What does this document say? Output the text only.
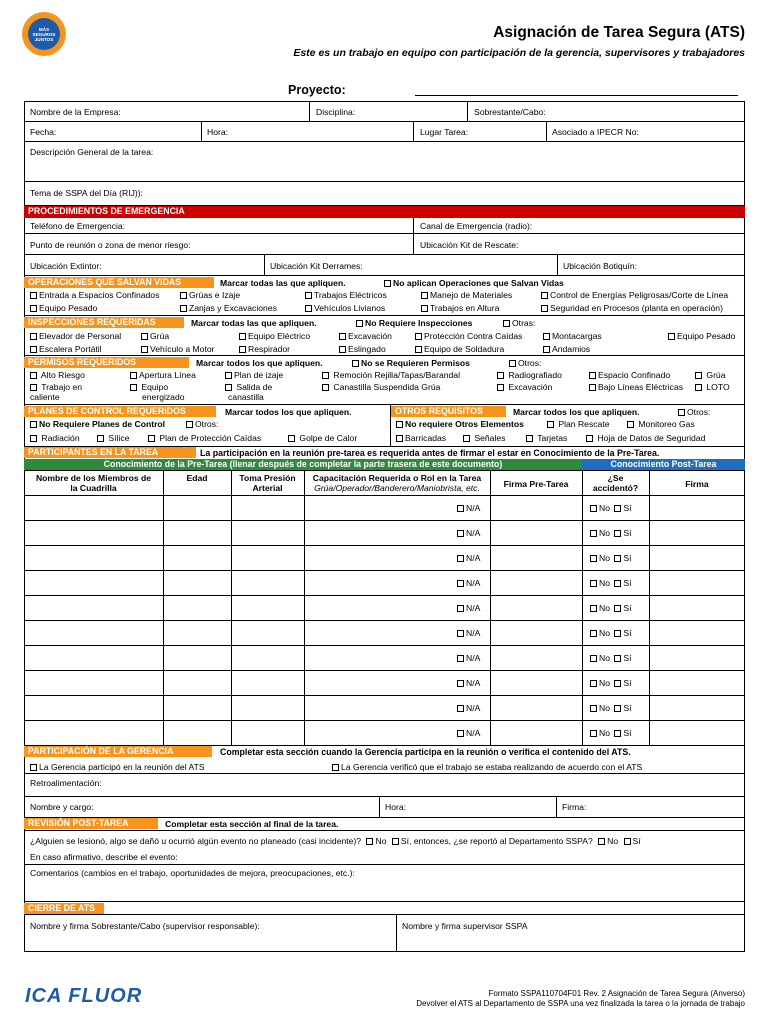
MÁS
SEGUROS
JUNTOS	Asignación de Tarea Segura (ATS)
Este es un trabajo en equipo con participación de la gerencia, supervisores y trabajadores
Proyecto:
Nombre de la Empresa:	Disciplina:	Sobrestante/Cabo:
Fecha:	Hora:	Lugar Tarea:	Asociado a IPECR No:
Descripción General de la tarea:
Tema de SSPA del Día (RIJ)):
PROCEDIMIENTOS DE EMERGENCIA
Teléfono de Emergencia:	Canal de Emergencia (radio):
Punto de reunión o zona de menor riesgo:	Ubicación Kit de Rescate:
Ubicación Extintor:	Ubicación Kit Derrames:	Ubicación Botiquín:
OPERACIONES QUE SALVAN VIDAS	Marcar todas las que apliquen.	No aplican Operaciones que Salvan Vidas
Entrada a Espacios Confinados	Grúas e Izaje	Trabajos Eléctricos	Manejo de Materiales	Control de Energías Peligrosas/Corte de Línea
Equipo Pesado	Zanjas y Excavaciones	Vehículos Livianos	Trabajos en Altura	Seguridad en Procesos (planta en operación)
INSPECCIONES REQUERIDAS	Marcar todas las que apliquen.	No Requiere Inspecciones	Otras:
Elevador de Personal	Grúa	Equipo Eléctrico	Excavación	Protección Contra Caídas	Montacargas	Equipo Pesado
Escalera Portátil	Vehículo a Motor	Respirador	Eslingado	Equipo de Soldadura	Andamios
PERMISOS REQUERIDOS	Marcar todos los que apliquen.	No se Requieren Permisos	Otros:
Alto Riesgo	Apertura Línea	Plan de izaje	Remoción Rejilla/Tapas/Barandal	Radiografiado	Espacio Confinado	Grúa
Trabajo en
caliente
Equipo
energizado
Salida de
canastilla
Canastilla Suspendida Grúa	Excavación	Bajo Líneas Eléctricas	LOTO
PLANES DE CONTROL REQUERIDOS	Marcar todos los que apliquen.
No Requiere Planes de Control	Otros:
Radiación	Sílice	Plan de Protección Caídas	Golpe de Calor
OTROS REQUISITOS	Marcar todos los que apliquen.	Otros:
No requiere Otros Elementos	Plan Rescate	Monitoreo Gas
Barricadas	Señales	Tarjetas	Hoja de Datos de Seguridad
PARTICIPANTES EN LA TAREA	La participación en la reunión pre-tarea es requerida antes de firmar el estar en Conocimiento de la Pre-Tarea.
Conocimiento de la Pre-Tarea (llenar después de completar la parte trasera de este documento)	Conocimiento Post-Tarea
Nombre de los Miembros de
la Cuadrilla
Edad	Toma Presión
Arterial
Capacitación Requerida o Rol en la Tarea
Grúa/Operador/Banderero/Maniobrista, etc.	Firma Pre-Tarea
¿Se
accidentó?	Firma
N/A	No Sí
N/A	No Sí
N/A	No Sí
N/A	No Sí
N/A	No Sí
N/A	No Sí
N/A	No Sí
N/A	No Sí
N/A	No Sí
N/A	No Sí
PARTICIPACIÓN DE LA GERENCIA	Completar esta sección cuando la Gerencia participa en la reunión o verifica el contenido del ATS.
La Gerencia participó en la reunión del ATS	La Gerencia verificó que el trabajo se estaba realizando de acuerdo con el ATS
Retroalimentación:
Nombre y cargo:	Hora:	Firma:
REVISIÓN POST-TAREA	Completar esta sección al final de la tarea.
¿Alguien se lesionó, algo se dañó u ocurrió algún evento no planeado (casi incidente)? No Sí, entonces, ¿se reportó al Departamento SSPA? No Sí
En caso afirmativo, describe el evento:
Comentarios (cambios en el trabajo, oportunidades de mejora, preocupaciones, etc.):
CIERRE DE ATS
Nombre y firma Sobrestante/Cabo (supervisor responsable):	Nombre y firma supervisor SSPA
ICA FLUOR	Formato SSPA110704F01 Rev. 2 Asignación de Tarea Segura (Anverso)
Devolver el ATS al Departamento de SSPA una vez finalizada la tarea o la jornada de trabajo
